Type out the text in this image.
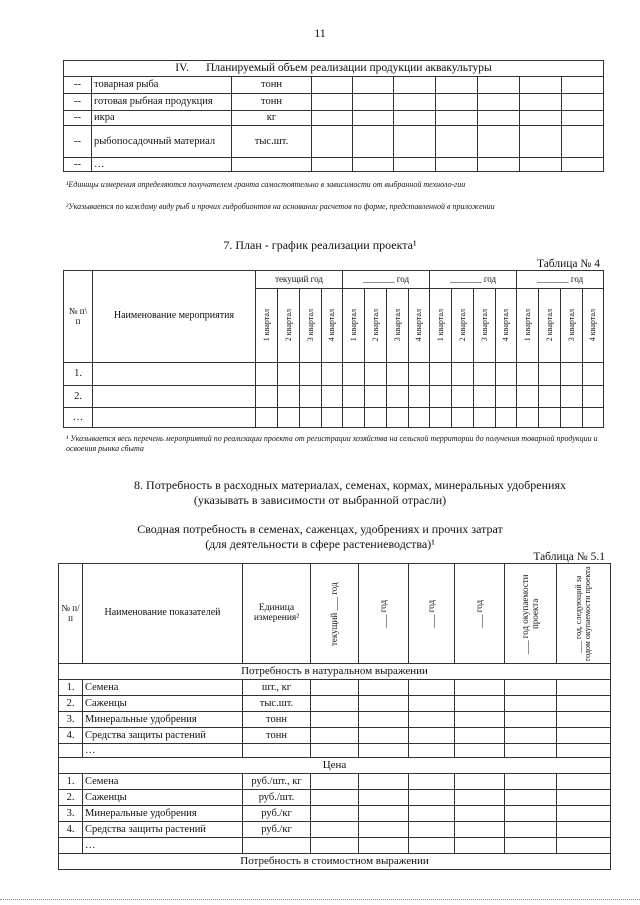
11
IV. Планируемый объем реализации продукции аквакультуры									
--	товарная рыба	тонн							
--	готовая рыбная продукция	тонн							
--	икра	кг							
--	рыбопосадочный материал	тыс.шт.							
--	…								
¹Единицы измерения определяются получателем гранта самостоятельно в зависимости от выбранной техноло-гии
²Указывается по каждому виду рыб и прочих гидробионтов на основании расчетов по форме, представленной в приложении
7. План - график реализации проекта¹
Таблица № 4
№ п\ п	Наименование мероприятия	текущий год				_______ год				_______ год				_______ год			

		1 квартал	2 квартал	3 квартал	4 квартал	1 квартал	2 квартал	3 квартал	4 квартал	1 квартал	2 квартал	3 квартал	4 квартал	1 квартал	2 квартал	3 квартал	4 квартал

1.																	
2.																	
…																	
¹ Указывается весь перечень мероприятий по реализации проекта от регистрации хозяйства на сельской территории до получения товарной продукции и освоения рынка сбыта
8. Потребность в расходных материалах, семенах, кормах, минеральных удобрениях
(указывать в зависимости от выбранной отрасли)
Сводная потребность в семенах, саженцах, удобрениях и прочих затрат
(для деятельности в сфере растениеводства)¹
Таблица № 5.1
№ п/п	Наименование показателей	Единица измерения²	текущий ___ год	___ год	___ год	___ год	___ год окупаемости проекта	___ год, следующий за годом окупаемости проекта

Потребность в натуральном выражении								
1.	Семена	шт., кг						
2.	Саженцы	тыс.шт.						
3.	Минеральные удобрения	тонн						
4.	Средства защиты растений	тонн						
	…							
Цена								
1.	Семена	руб./шт., кг						
2.	Саженцы	руб./шт.						
3.	Минеральные удобрения	руб./кг						
4.	Средства защиты растений	руб./кг						
	…							
Потребность в стоимостном выражении								
